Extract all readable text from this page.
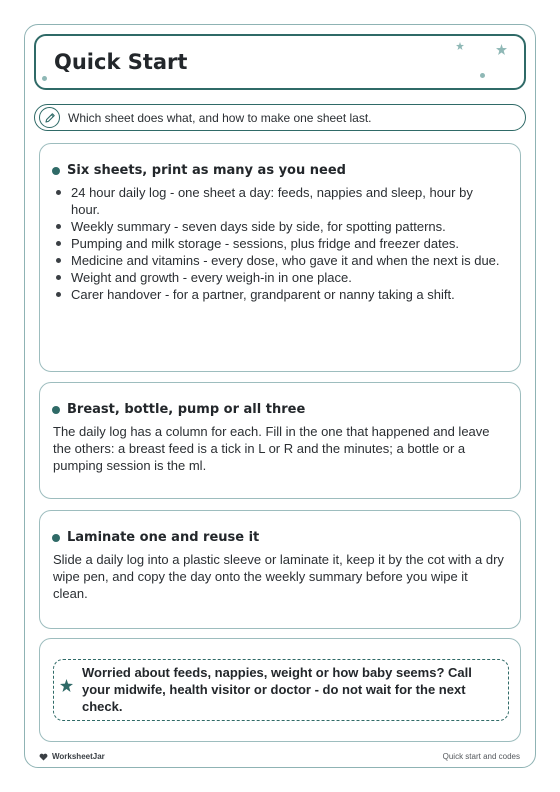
Quick Start
Which sheet does what, and how to make one sheet last.
Six sheets, print as many as you need
24 hour daily log - one sheet a day: feeds, nappies and sleep, hour by hour.
Weekly summary - seven days side by side, for spotting patterns.
Pumping and milk storage - sessions, plus fridge and freezer dates.
Medicine and vitamins - every dose, who gave it and when the next is due.
Weight and growth - every weigh-in in one place.
Carer handover - for a partner, grandparent or nanny taking a shift.
Breast, bottle, pump or all three
The daily log has a column for each. Fill in the one that happened and leave the others: a breast feed is a tick in L or R and the minutes; a bottle or a pumping session is the ml.
Laminate one and reuse it
Slide a daily log into a plastic sleeve or laminate it, keep it by the cot with a dry wipe pen, and copy the day onto the weekly summary before you wipe it clean.
Worried about feeds, nappies, weight or how baby seems? Call your midwife, health visitor or doctor - do not wait for the next check.
WorksheetJar	Quick start and codes
